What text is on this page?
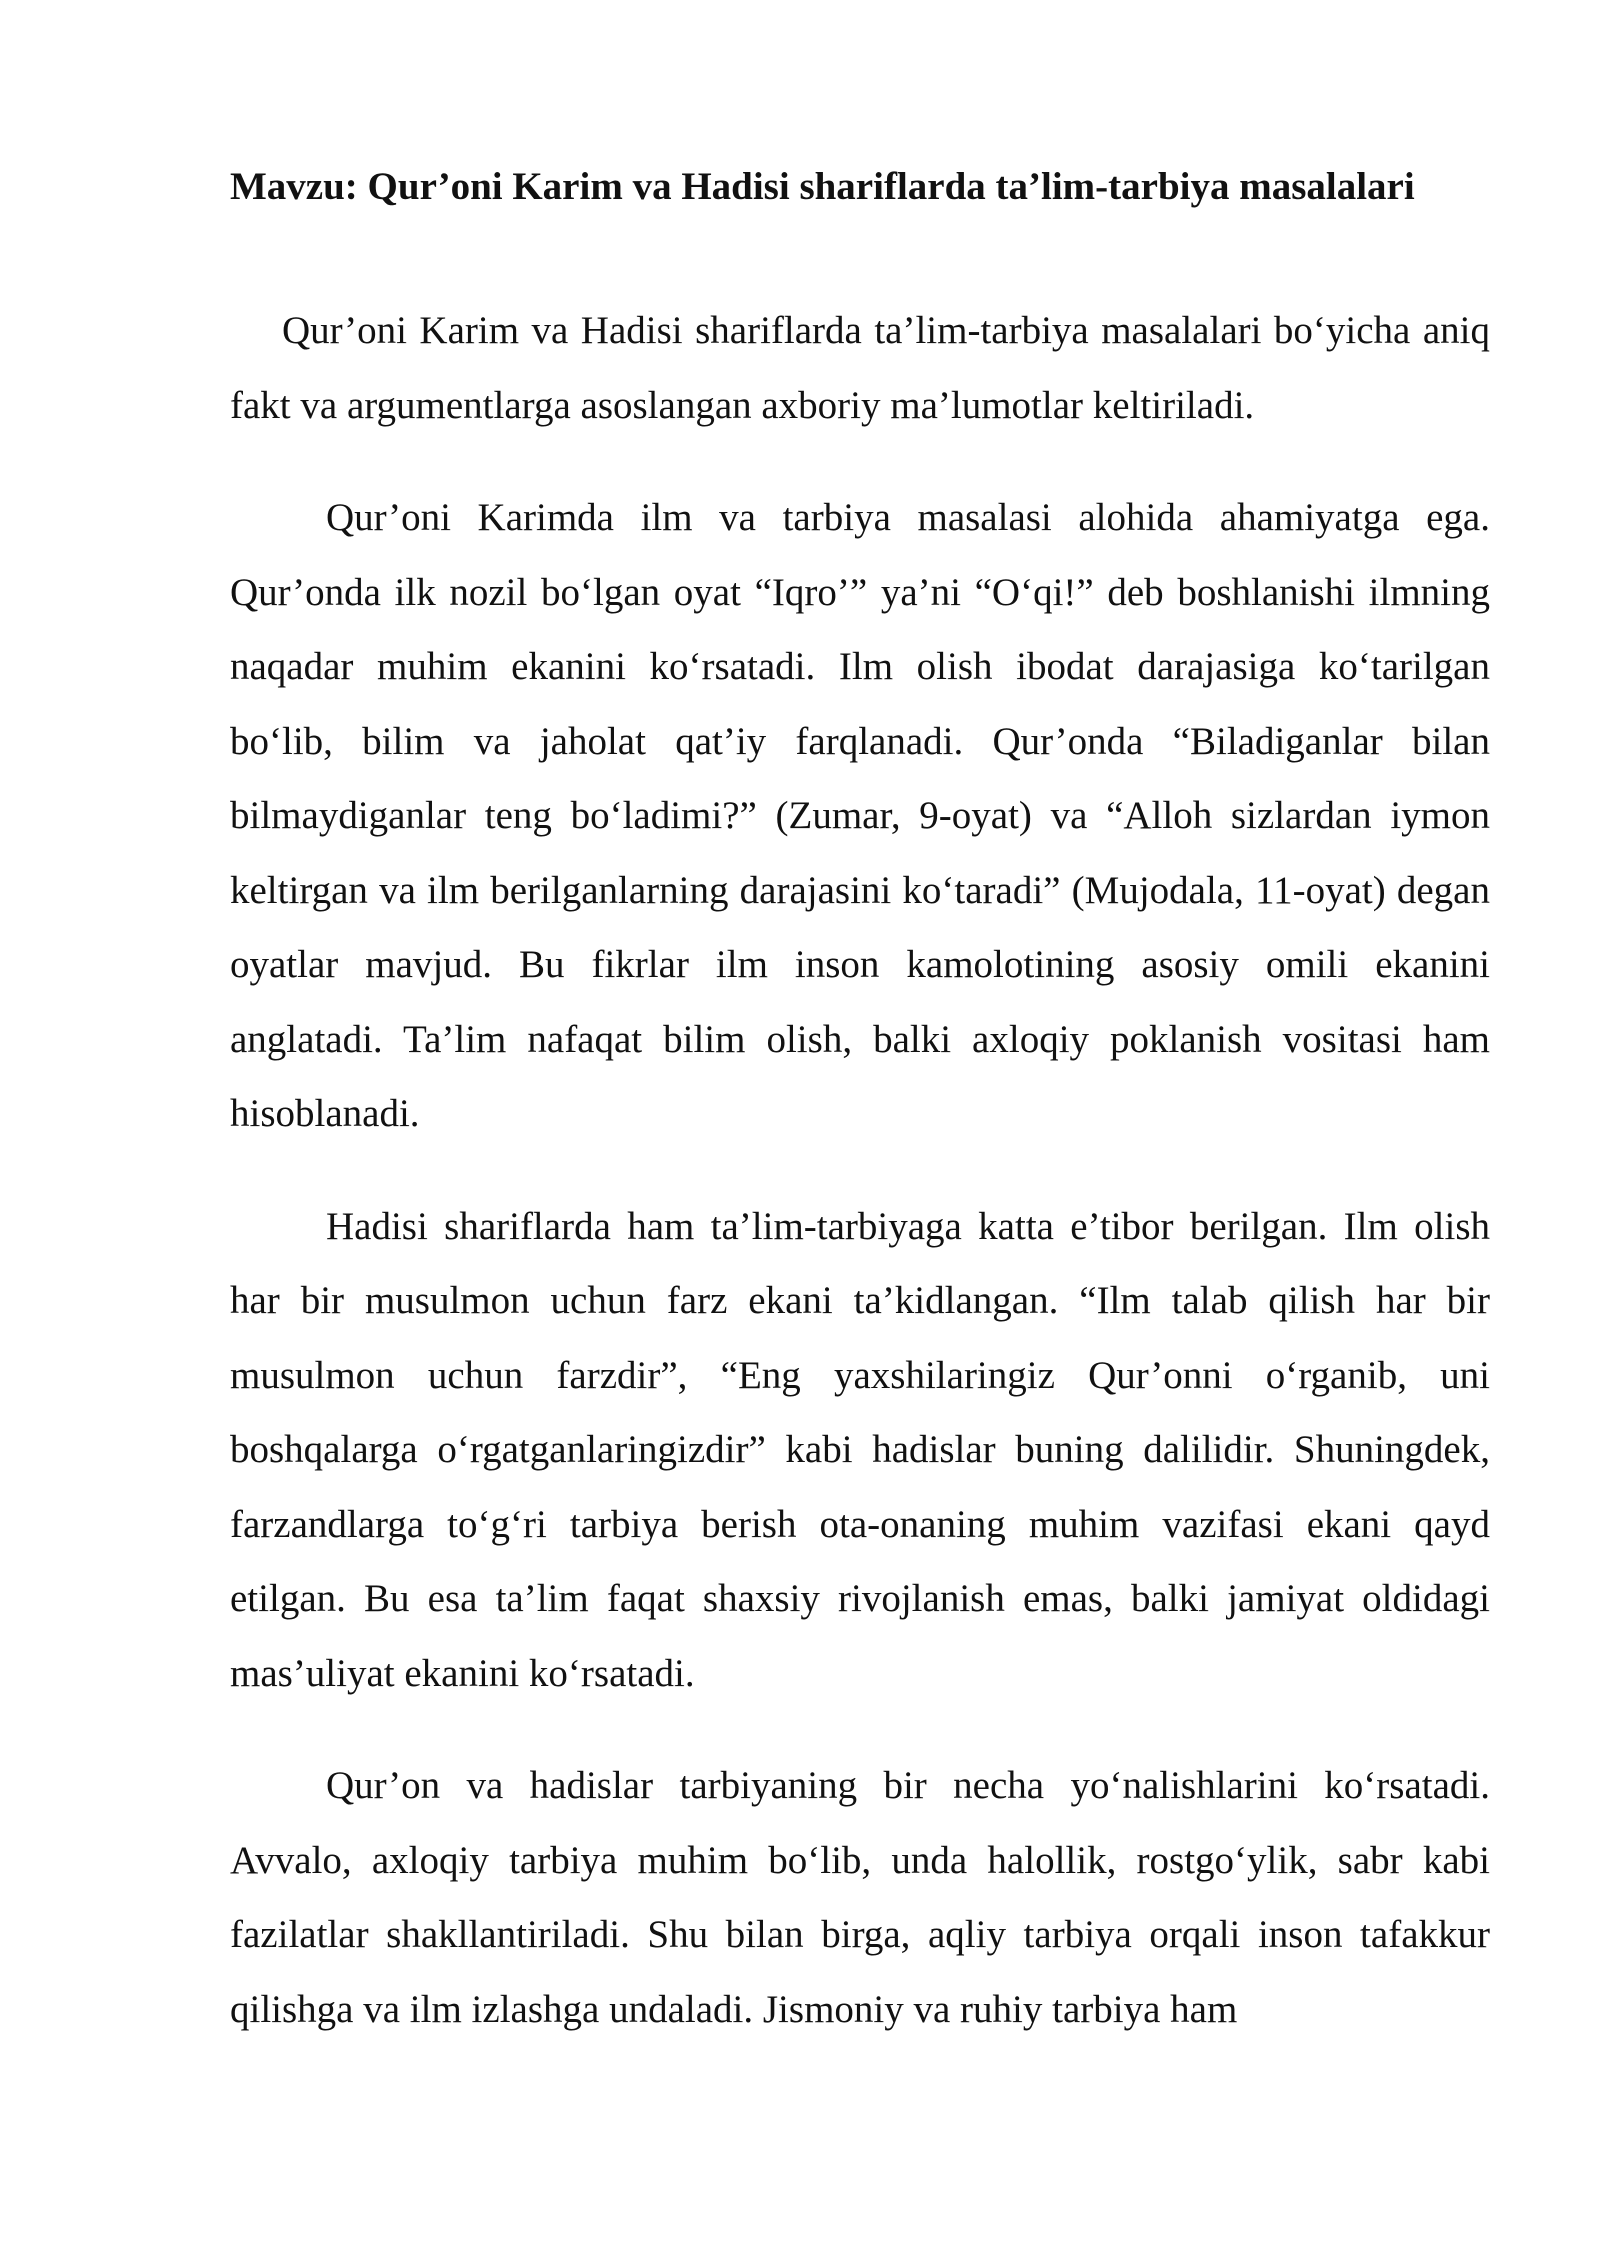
Mavzu: Qur’oni Karim va Hadisi shariflarda ta’lim-tarbiya masalalari

Qur’oni Karim va Hadisi shariflarda ta’lim-tarbiya masalalari bo‘yicha aniq fakt va argumentlarga asoslangan axboriy ma’lumotlar keltiriladi.

Qur’oni Karimda ilm va tarbiya masalasi alohida ahamiyatga ega. Qur’onda ilk nozil bo‘lgan oyat “Iqro’” ya’ni “O‘qi!” deb boshlanishi ilmning naqadar muhim ekanini ko‘rsatadi. Ilm olish ibodat darajasiga ko‘tarilgan bo‘lib, bilim va jaholat qat’iy farqlanadi. Qur’onda “Biladiganlar bilan bilmaydiganlar teng bo‘ladimi?” (Zumar, 9-oyat) va “Alloh sizlardan iymon keltirgan va ilm berilganlarning darajasini ko‘taradi” (Mujodala, 11-oyat) degan oyatlar mavjud. Bu fikrlar ilm inson kamolotining asosiy omili ekanini anglatadi. Ta’lim nafaqat bilim olish, balki axloqiy poklanish vositasi ham hisoblanadi.

Hadisi shariflarda ham ta’lim-tarbiyaga katta e’tibor berilgan. Ilm olish har bir musulmon uchun farz ekani ta’kidlangan. “Ilm talab qilish har bir musulmon uchun farzdir”, “Eng yaxshilaringiz Qur’onni o‘rganib, uni boshqalarga o‘rgatganlaringizdir” kabi hadislar buning dalilidir. Shuningdek, farzandlarga to‘g‘ri tarbiya berish ota-onaning muhim vazifasi ekani qayd etilgan. Bu esa ta’lim faqat shaxsiy rivojlanish emas, balki jamiyat oldidagi mas’uliyat ekanini ko‘rsatadi.

Qur’on va hadislar tarbiyaning bir necha yo‘nalishlarini ko‘rsatadi. Avvalo, axloqiy tarbiya muhim bo‘lib, unda halollik, rostgo‘ylik, sabr kabi fazilatlar shakllantiriladi. Shu bilan birga, aqliy tarbiya orqali inson tafakkur qilishga va ilm izlashga undaladi. Jismoniy va ruhiy tarbiya ham
